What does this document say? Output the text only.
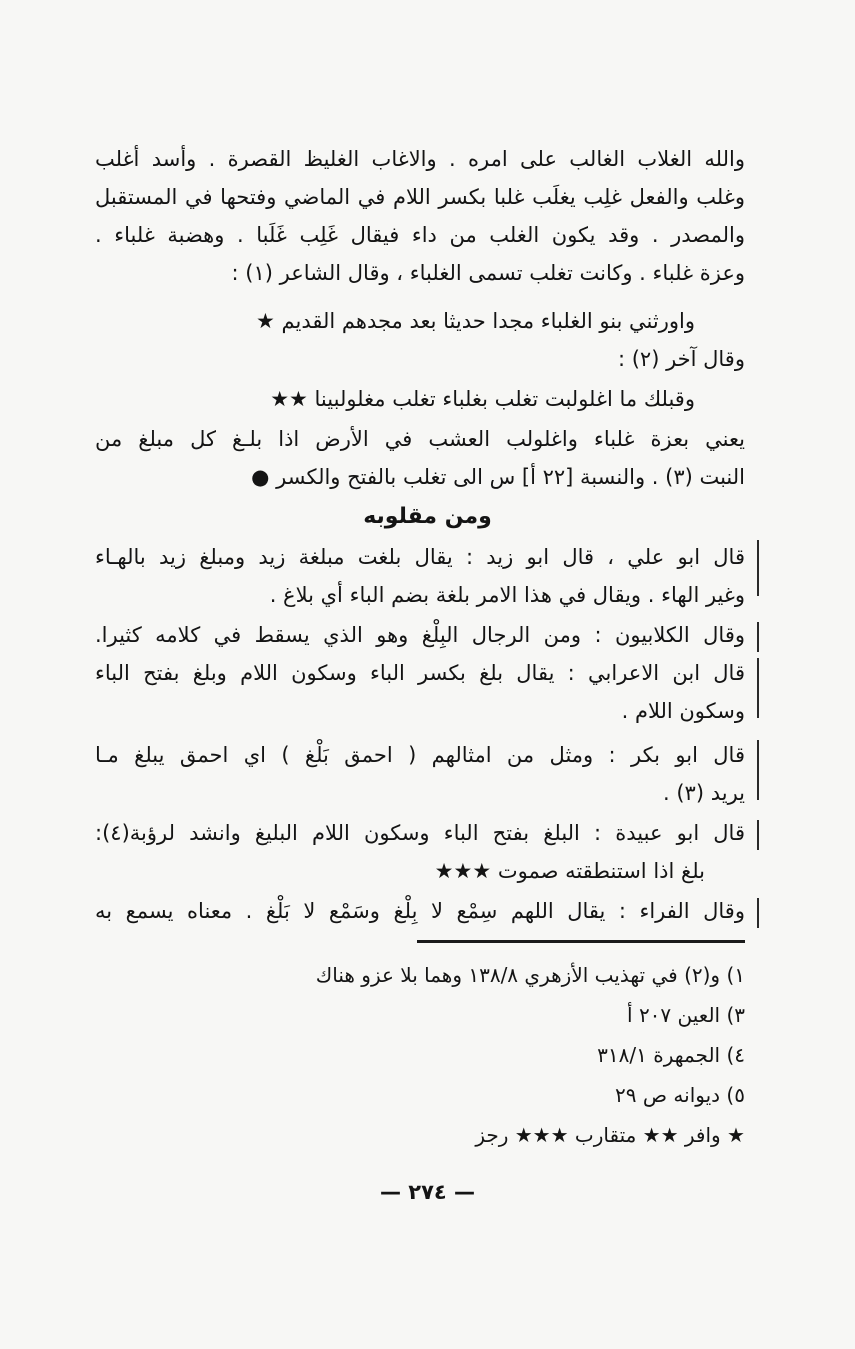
والله الغلاب الغالب على امره . والاغاب الغليظ القصرة . وأسد أغلب
وغلب والفعل غلِب يغلَب غلبا بكسر اللام في الماضي وفتحها في المستقبل
والمصدر . وقد يكون الغلب من داء فيقال غَلِب غَلَبا . وهضبة غلباء .
وعزة غلباء . وكانت تغلب تسمى الغلباء ، وقال الشاعر (١) :
واورثني بنو الغلباء مجدا حديثا بعد مجدهم القديم ★
وقال آخر (٢) :
وقبلك ما اغلولبت تغلب بغلباء تغلب مغلولبينا ★★
يعني بعزة غلباء واغلولب العشب في الأرض اذا بلـغ كل مبلغ من
النبت (٣) . والنسبة [٢٢ أ] س الى تغلب بالفتح والكسر ●
ومن مقلوبه
قال ابو علي ، قال ابو زيد : يقال بلغت مبلغة زيد ومبلغ زيد بالهـاء
وغير الهاء . ويقال في هذا الامر بلغة بضم الباء أي بلاغ .
وقال الكلابيون : ومن الرجال البِلْغ وهو الذي يسقط في كلامه كثيرا.
قال ابن الاعرابي : يقال بلغ بكسر الباء وسكون اللام وبلغ بفتح الباء
وسكون اللام .
قال ابو بكر : ومثل من امثالهم ( احمق بَلْغ ) اي احمق يبلغ مـا
يريد (٣) .
قال ابو عبيدة : البلغ بفتح الباء وسكون اللام البليغ وانشد لرؤبة(٤):
بلغ اذا استنطقته صموت ★★★
وقال الفراء : يقال اللهم سِمْع لا بِلْغ وسَمْع لا بَلْغ . معناه يسمع به
١) و(٢) في تهذيب الأزهري ١٣٨/٨ وهما بلا عزو هناك
٣) العين ٢٠٧ أ
٤) الجمهرة ٣١٨/١
٥) ديوانه ص ٢٩
★ وافر ★★ متقارب ★★★ رجز
— ٢٧٤ —
